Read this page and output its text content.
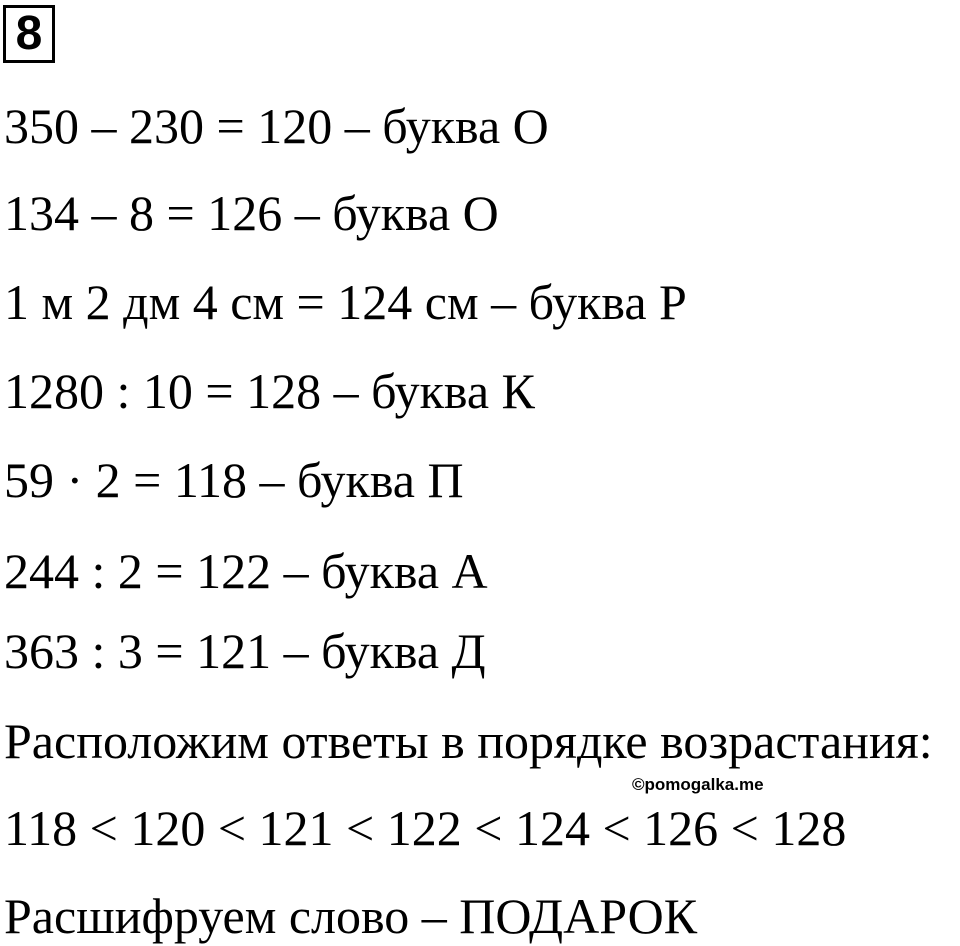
8
350 – 230 = 120 – буква О
134 – 8 = 126 – буква О
1 м 2 дм 4 см = 124 см – буква Р
1280 : 10 = 128 – буква К
59 · 2 = 118 – буква П
244 : 2 = 122 – буква А
363 : 3 = 121 – буква Д
Расположим ответы в порядке возрастания:
©pomogalka.me
118 < 120 < 121 < 122 < 124 < 126 < 128
Расшифруем слово – ПОДАРОК
